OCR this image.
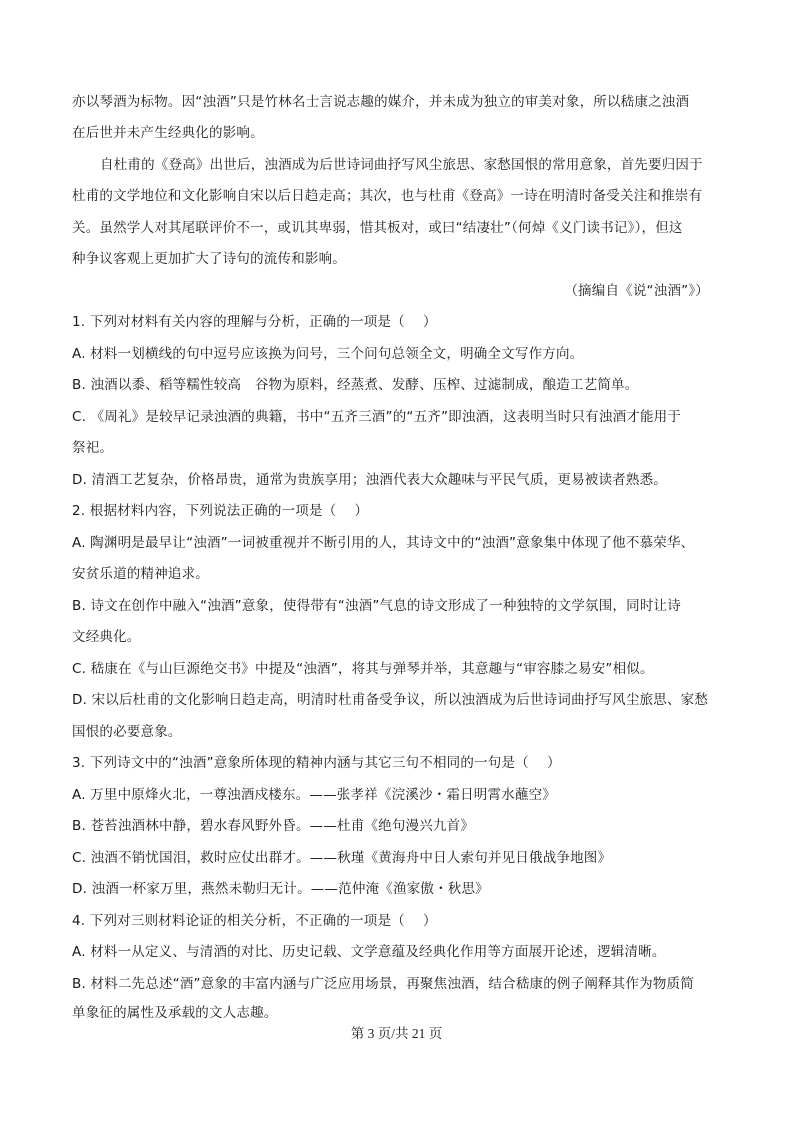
亦以琴酒为标物。因“浊酒”只是竹林名士言说志趣的媒介，并未成为独立的审美对象，所以嵇康之浊酒
在后世并未产生经典化的影响。
自杜甫的《登高》出世后，浊酒成为后世诗词曲抒写风尘旅思、家愁国恨的常用意象，首先要归因于
杜甫的文学地位和文化影响自宋以后日趋走高；其次，也与杜甫《登高》一诗在明清时备受关注和推崇有
关。虽然学人对其尾联评价不一，或讥其卑弱，惜其板对，或曰“结凄壮”（何焯《义门读书记》），但这
种争议客观上更加扩大了诗句的流传和影响。
（摘编自《说“浊酒”》）
1. 下列对材料有关内容的理解与分析，正确的一项是（　 ）
A. 材料一划横线的句中逗号应该换为问号，三个问句总领全文，明确全文写作方向。
B. 浊酒以黍、稻等糯性较高　谷物为原料，经蒸煮、发酵、压榨、过滤制成，酿造工艺简单。
C. 《周礼》是较早记录浊酒的典籍，书中“五齐三酒”的“五齐”即浊酒，这表明当时只有浊酒才能用于
祭祀。
D. 清酒工艺复杂，价格昂贵，通常为贵族享用；浊酒代表大众趣味与平民气质，更易被读者熟悉。
2. 根据材料内容，下列说法正确的一项是（　 ）
A. 陶渊明是最早让“浊酒”一词被重视并不断引用的人，其诗文中的“浊酒”意象集中体现了他不慕荣华、
安贫乐道的精神追求。
B. 诗文在创作中融入“浊酒”意象，使得带有“浊酒”气息的诗文形成了一种独特的文学氛围，同时让诗
文经典化。
C. 嵇康在《与山巨源绝交书》中提及“浊酒”，将其与弹琴并举，其意趣与“审容膝之易安”相似。
D. 宋以后杜甫的文化影响日趋走高，明清时杜甫备受争议，所以浊酒成为后世诗词曲抒写风尘旅思、家愁
国恨的必要意象。
3. 下列诗文中的“浊酒”意象所体现的精神内涵与其它三句不相同的一句是（　 ）
A. 万里中原烽火北，一尊浊酒戍楼东。——张孝祥《浣溪沙・霜日明霄水蘸空》
B. 苍苔浊酒林中静，碧水春风野外昏。——杜甫《绝句漫兴九首》
C. 浊酒不销忧国泪，救时应仗出群才。——秋瑾《黄海舟中日人索句并见日俄战争地图》
D. 浊酒一杯家万里，燕然未勒归无计。——范仲淹《渔家傲・秋思》
4. 下列对三则材料论证的相关分析，不正确的一项是（　 ）
A. 材料一从定义、与清酒的对比、历史记载、文学意蕴及经典化作用等方面展开论述，逻辑清晰。
B. 材料二先总述“酒”意象的丰富内涵与广泛应用场景，再聚焦浊酒，结合嵇康的例子阐释其作为物质简
单象征的属性及承载的文人志趣。
第 3 页/共 21 页
